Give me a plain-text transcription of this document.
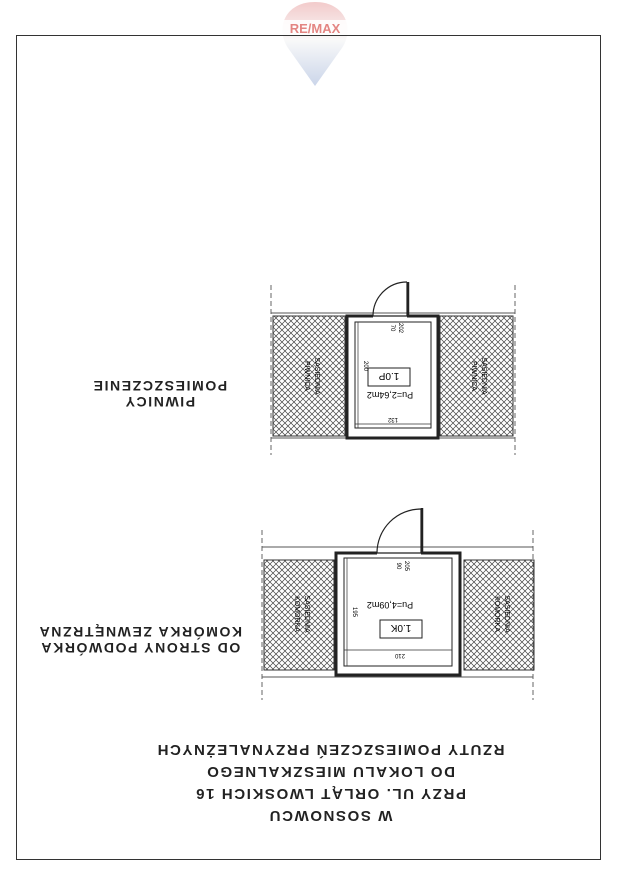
RE/MAX
PIWNICY
POMIESZCZENIE
OD STRONY PODWÓRKA
KOMÓRKA ZEWNĘTRZNA
W SOSNOWCU
PRZY UL. ORLĄT LWOSKICH 16
DO LOKALU MIESZKALNEGO
RZUTY POMIESZCZEŃ PRZYNALEŻNYCH
1.0P
Pu=2,64m2
SĄSIEDNIA
PIWNICA	SĄSIEDNIA
PIWNICA
132
200
202
70
1.0K
Pu=4,09m2
SĄSIEDNIA
KOMÓRKA	SĄSIEDNIA
KOMÓRKA
210
195
205
90
